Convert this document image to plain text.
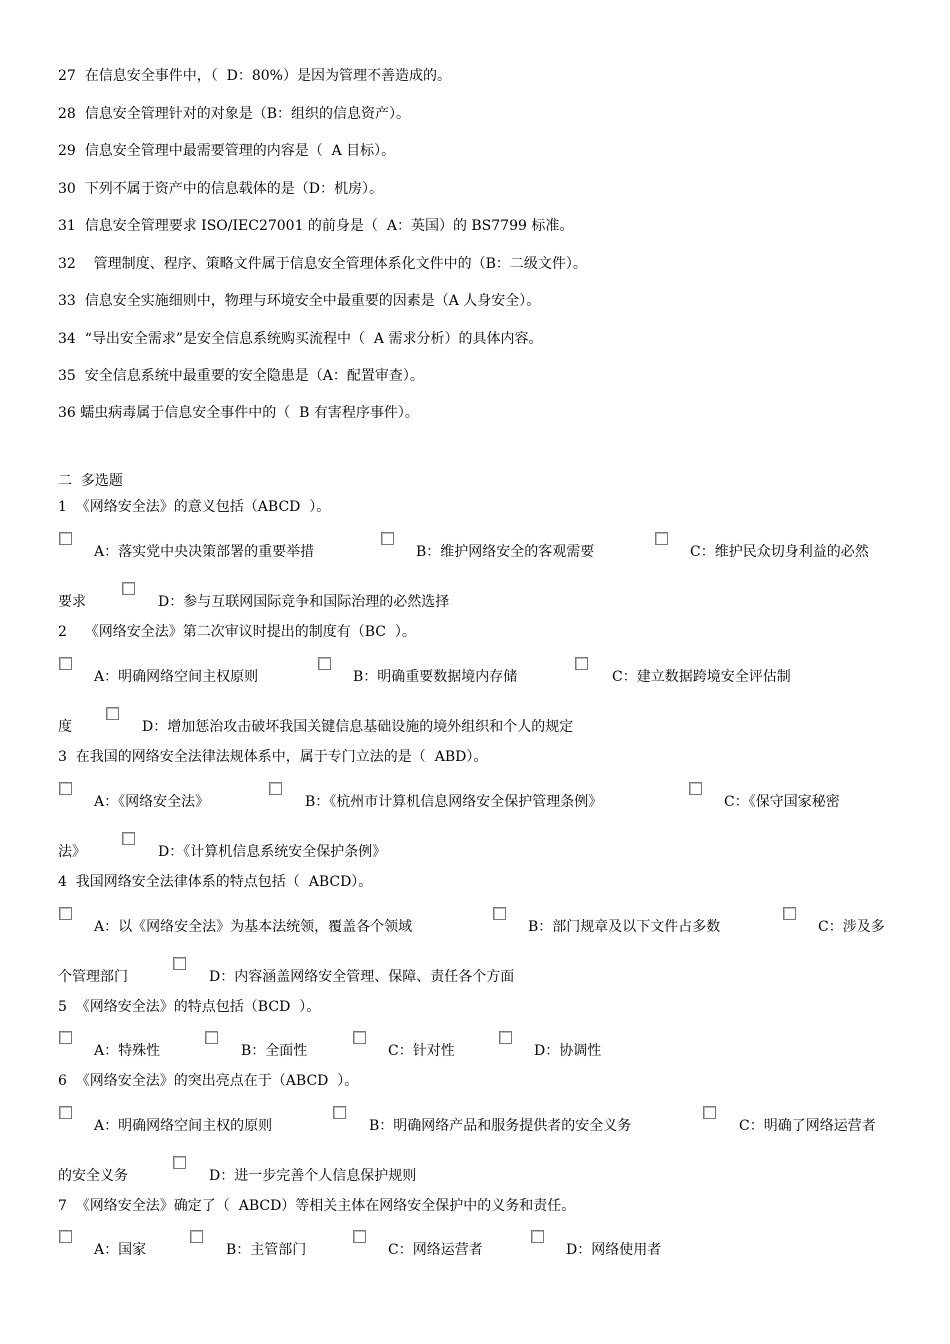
27  在信息安全事件中，（  D：80%）是因为管理不善造成的。
28  信息安全管理针对的对象是（B：组织的信息资产）。
29  信息安全管理中最需要管理的内容是（  A 目标）。
30  下列不属于资产中的信息载体的是（D：机房）。
31  信息安全管理要求 ISO/IEC27001 的前身是（  A：英国）的 BS7799 标准。
32    管理制度、程序、策略文件属于信息安全管理体系化文件中的（B：二级文件）。
33  信息安全实施细则中，物理与环境安全中最重要的因素是（A 人身安全）。
34  “导出安全需求”是安全信息系统购买流程中（  A 需求分析）的具体内容。
35  安全信息系统中最重要的安全隐患是（A：配置审查）。
36 蠕虫病毒属于信息安全事件中的（  B 有害程序事件）。
二  多选题
1  《网络安全法》的意义包括（ABCD  ）。
A：落实党中央决策部署的重要举措	B：维护网络安全的客观需要	C：维护民众切身利益的必然
要求	D：参与互联网国际竞争和国际治理的必然选择
2    《网络安全法》第二次审议时提出的制度有（BC  ）。
A：明确网络空间主权原则	B：明确重要数据境内存储	C：建立数据跨境安全评估制
度	D：增加惩治攻击破坏我国关键信息基础设施的境外组织和个人的规定
3  在我国的网络安全法律法规体系中，属于专门立法的是（  ABD）。
A：《网络安全法》	B：《杭州市计算机信息网络安全保护管理条例》	C：《保守国家秘密
法》	D：《计算机信息系统安全保护条例》
4  我国网络安全法律体系的特点包括（  ABCD）。
A：以《网络安全法》为基本法统领，覆盖各个领域	B：部门规章及以下文件占多数	C：涉及多
个管理部门	D：内容涵盖网络安全管理、保障、责任各个方面
5  《网络安全法》的特点包括（BCD  ）。
A：特殊性	B：全面性	C：针对性	D：协调性
6  《网络安全法》的突出亮点在于（ABCD  ）。
A：明确网络空间主权的原则	B：明确网络产品和服务提供者的安全义务	C：明确了网络运营者
的安全义务	D：进一步完善个人信息保护规则
7  《网络安全法》确定了（  ABCD）等相关主体在网络安全保护中的义务和责任。
A：国家	B：主管部门	C：网络运营者	D：网络使用者
